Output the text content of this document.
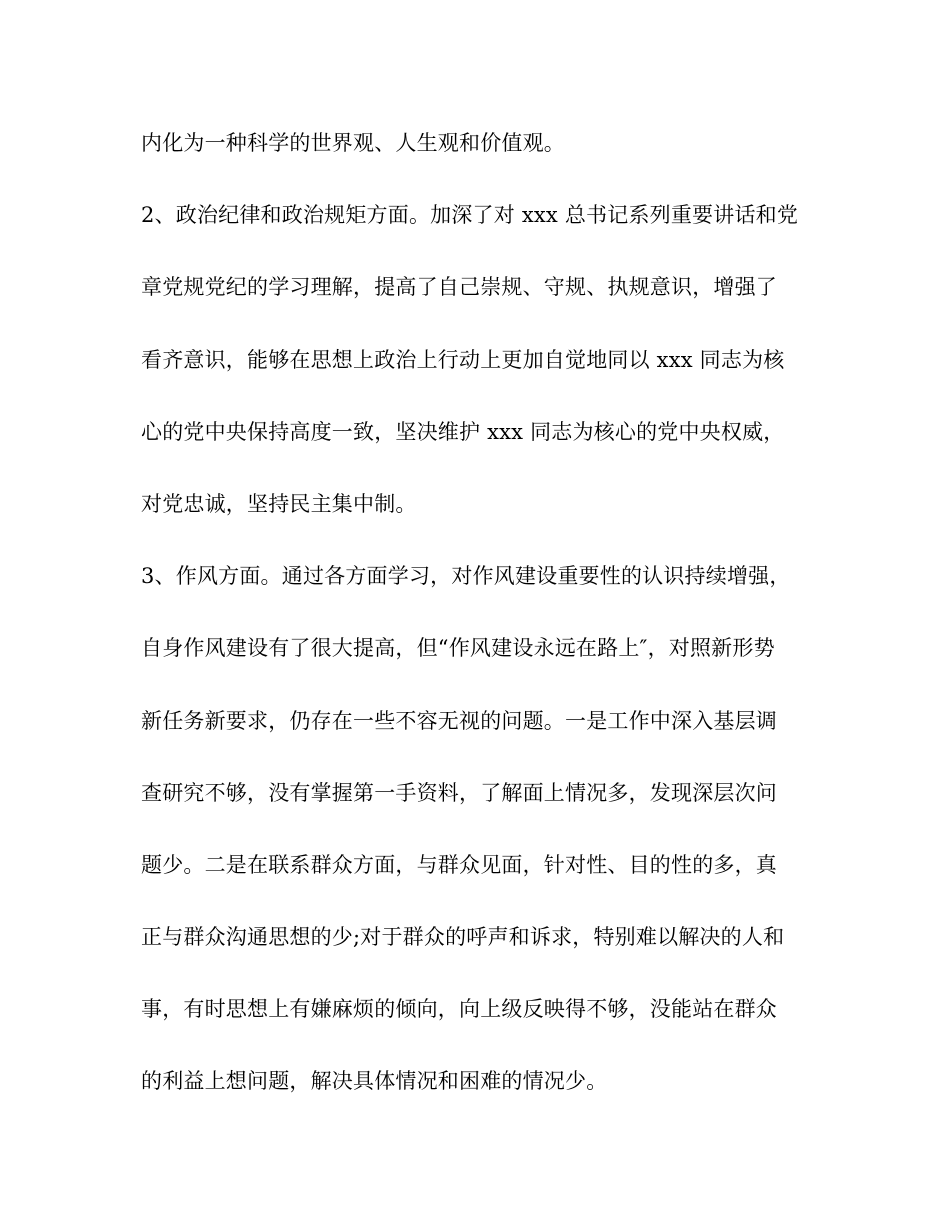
内化为一种科学的世界观、人生观和价值观。
2、政治纪律和政治规矩方面。加深了对 xxx 总书记系列重要讲话和党
章党规党纪的学习理解，提高了自己崇规、守规、执规意识，增强了
看齐意识，能够在思想上政治上行动上更加自觉地同以 xxx 同志为核
心的党中央保持高度一致，坚决维护 xxx 同志为核心的党中央权威，
对党忠诚，坚持民主集中制。
3、作风方面。通过各方面学习，对作风建设重要性的认识持续增强，
自身作风建设有了很大提高，但“作风建设永远在路上″，对照新形势
新任务新要求，仍存在一些不容无视的问题。一是工作中深入基层调
查研究不够，没有掌握第一手资料，了解面上情况多，发现深层次问
题少。二是在联系群众方面，与群众见面，针对性、目的性的多，真
正与群众沟通思想的少;对于群众的呼声和诉求，特别难以解决的人和
事，有时思想上有嫌麻烦的倾向，向上级反映得不够，没能站在群众
的利益上想问题，解决具体情况和困难的情况少。
